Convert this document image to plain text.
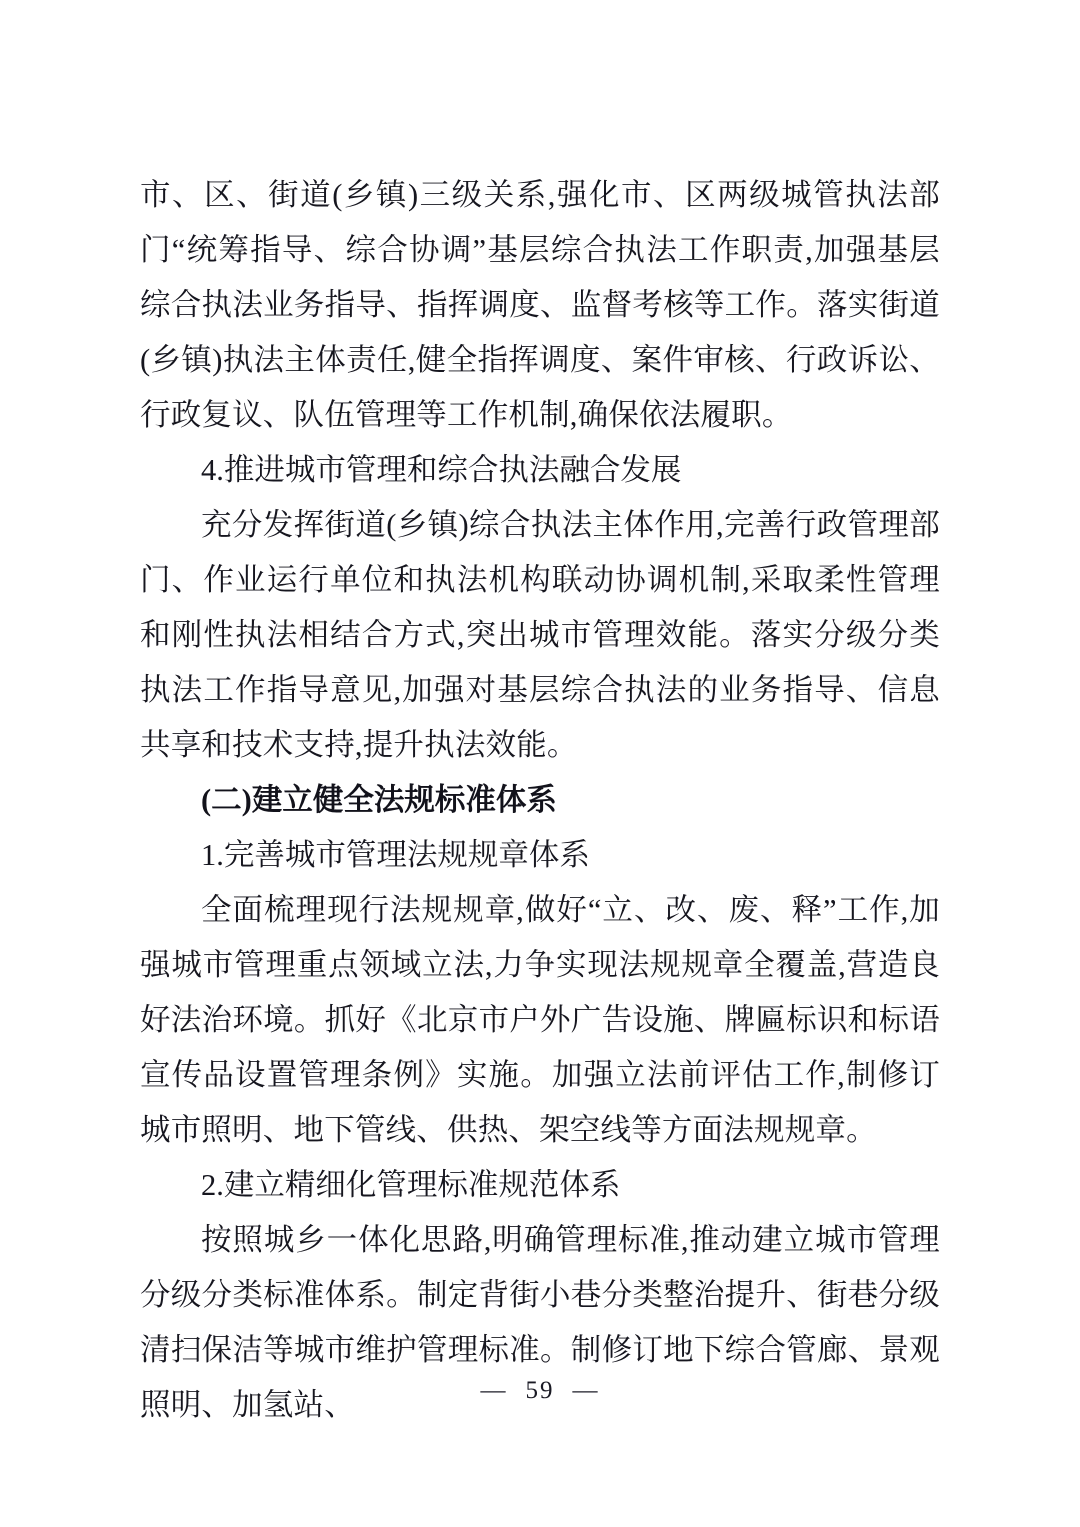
市、区、街道(乡镇)三级关系,强化市、区两级城管执法部门“统筹指导、综合协调”基层综合执法工作职责,加强基层综合执法业务指导、指挥调度、监督考核等工作。落实街道(乡镇)执法主体责任,健全指挥调度、案件审核、行政诉讼、行政复议、队伍管理等工作机制,确保依法履职。

4.推进城市管理和综合执法融合发展

充分发挥街道(乡镇)综合执法主体作用,完善行政管理部门、作业运行单位和执法机构联动协调机制,采取柔性管理和刚性执法相结合方式,突出城市管理效能。落实分级分类执法工作指导意见,加强对基层综合执法的业务指导、信息共享和技术支持,提升执法效能。

(二)建立健全法规标准体系

1.完善城市管理法规规章体系

全面梳理现行法规规章,做好“立、改、废、释”工作,加强城市管理重点领域立法,力争实现法规规章全覆盖,营造良好法治环境。抓好《北京市户外广告设施、牌匾标识和标语宣传品设置管理条例》实施。加强立法前评估工作,制修订城市照明、地下管线、供热、架空线等方面法规规章。

2.建立精细化管理标准规范体系

按照城乡一体化思路,明确管理标准,推动建立城市管理分级分类标准体系。制定背街小巷分类整治提升、街巷分级清扫保洁等城市维护管理标准。制修订地下综合管廊、景观照明、加氢站、	— 59 —
